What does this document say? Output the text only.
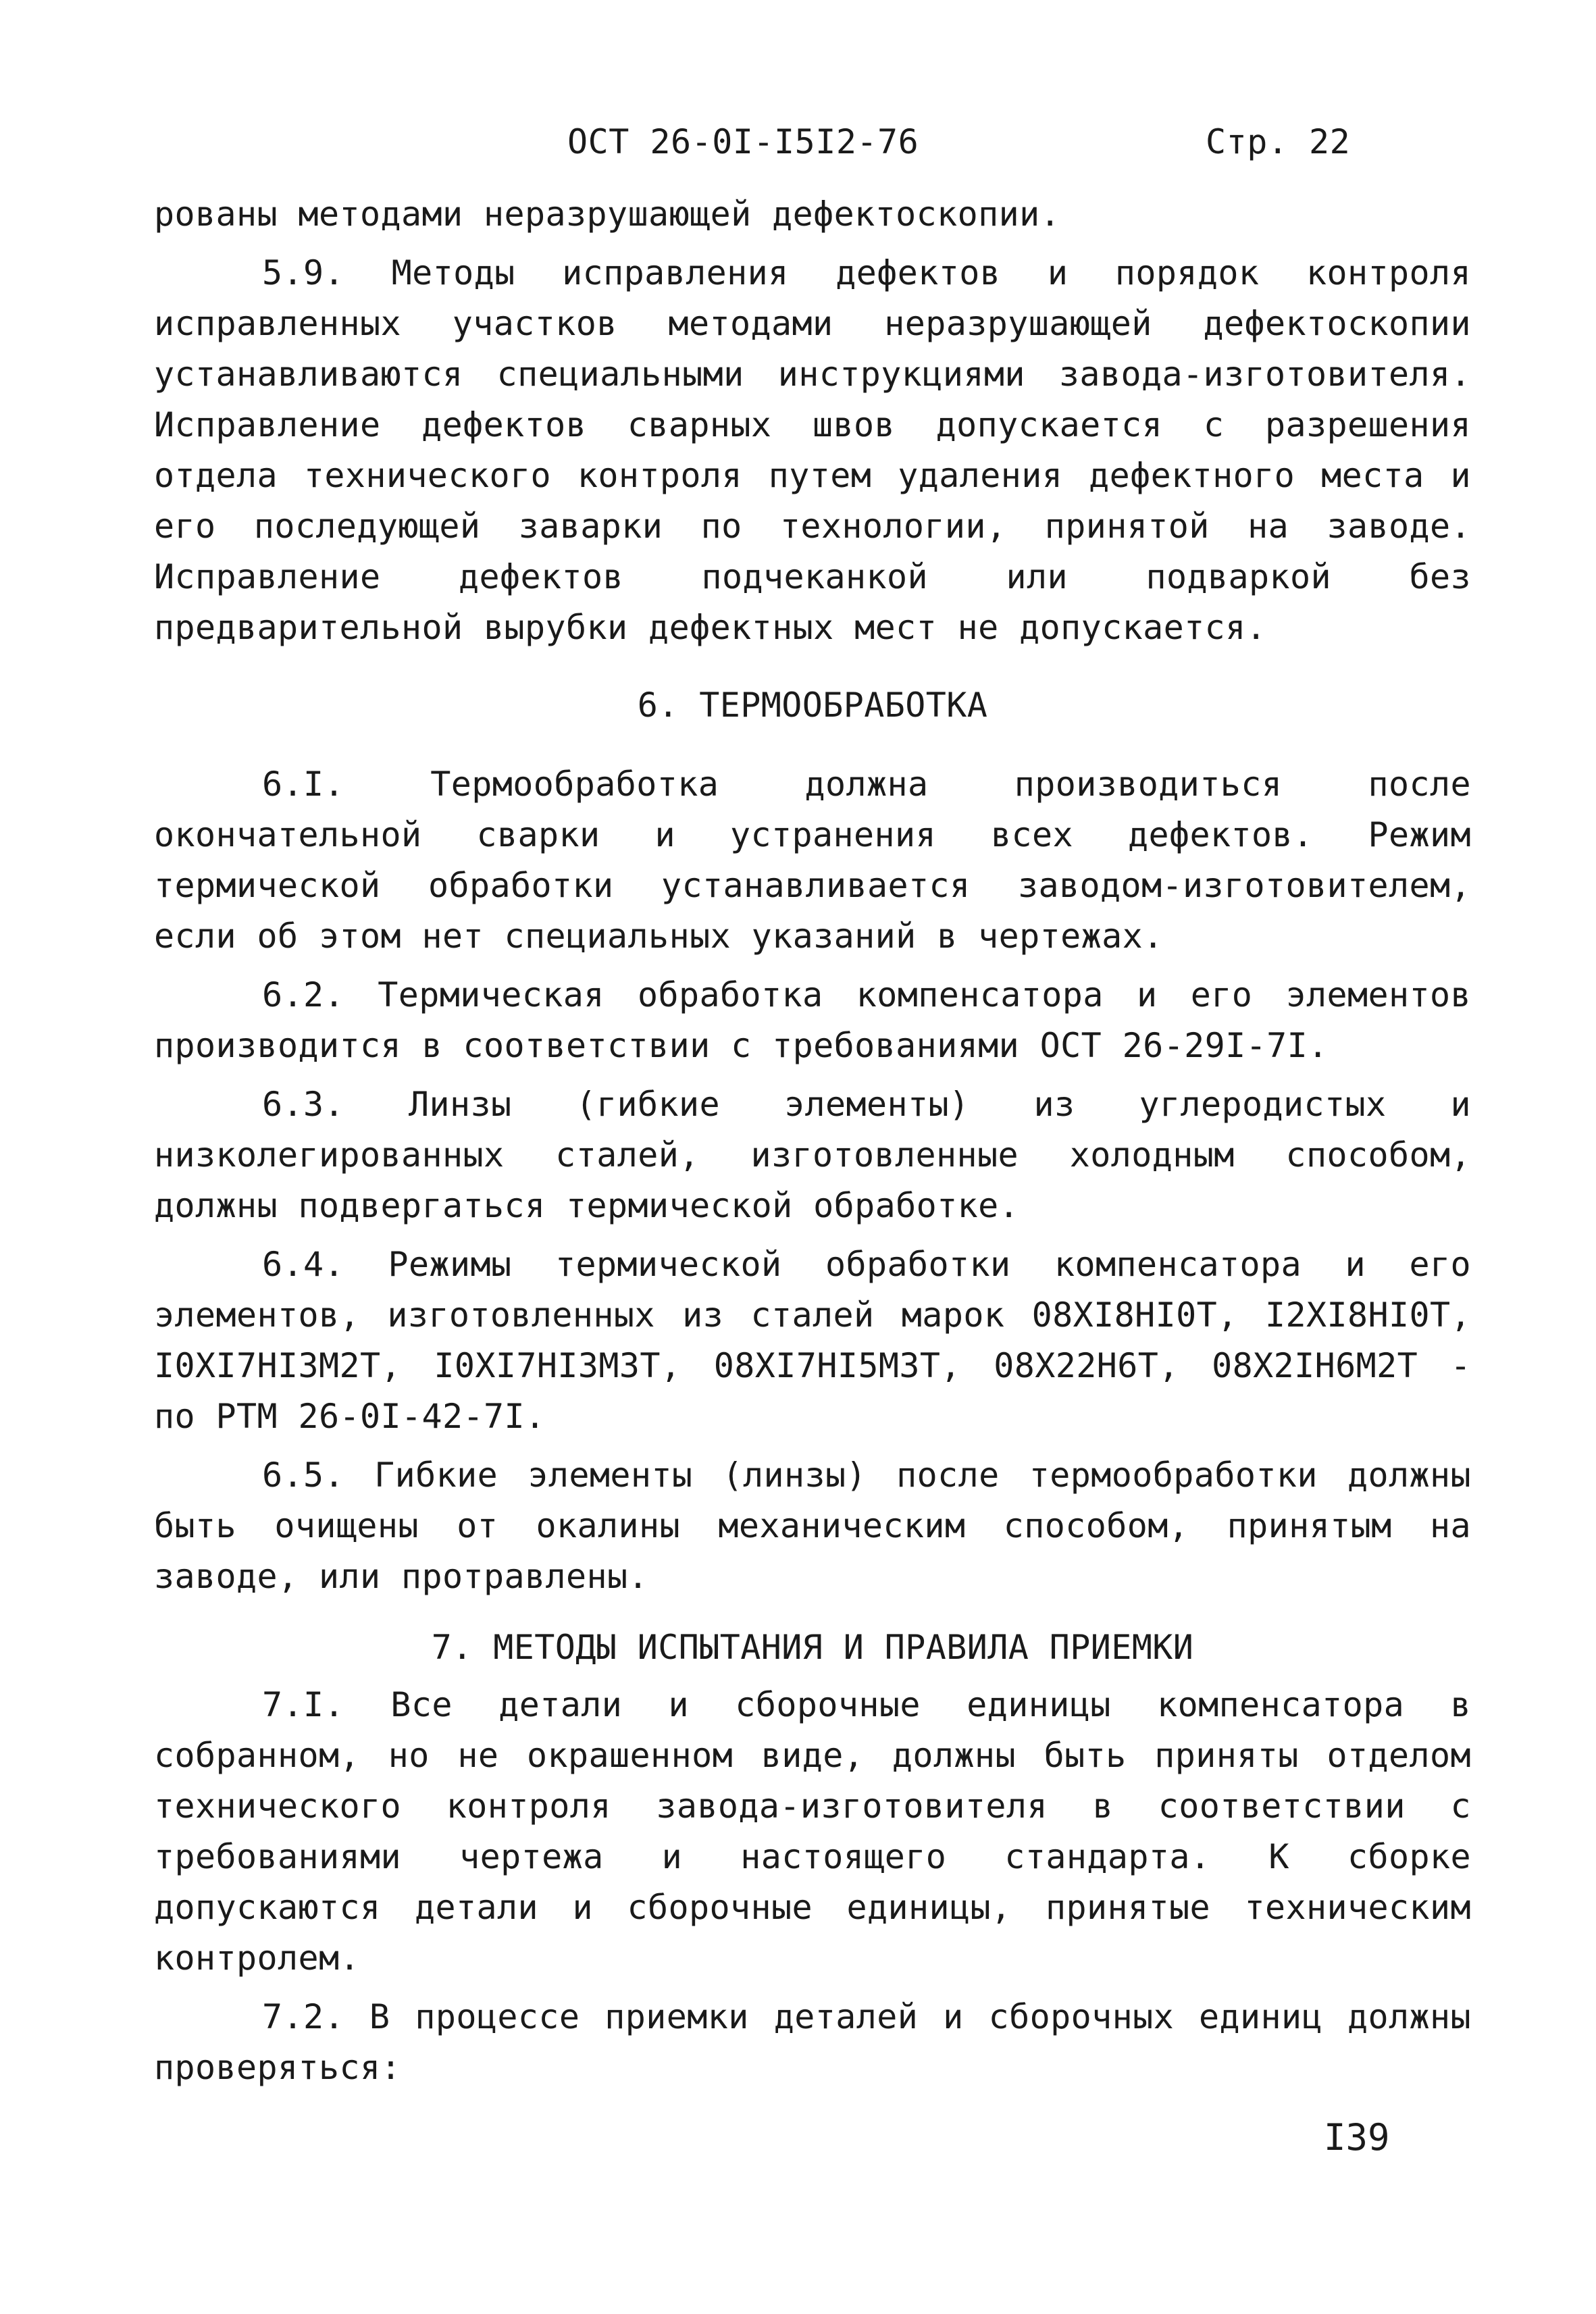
ОСТ 26-0I-I5I2-76	Стр. 22

рованы методами неразрушающей дефектоскопии.

5.9. Методы исправления дефектов и порядок контроля исправленных участков методами неразрушающей дефектоскопии устанавливаются специальными инструкциями завода-изготовителя. Исправление дефектов сварных швов допускается с разрешения отдела технического контроля путем удаления дефектного места и его последующей заварки по технологии, принятой на заводе. Исправление дефектов подчеканкой или подваркой без предварительной вырубки дефектных мест не допускается.

6. ТЕРМООБРАБОТКА

6.I. Термообработка должна производиться после окончательной сварки и устранения всех дефектов. Режим термической обработки устанавливается заводом-изготовителем, если об этом нет специальных указаний в чертежах.

6.2. Термическая обработка компенсатора и его элементов производится в соответствии с требованиями ОСТ 26-29I-7I.

6.3. Линзы (гибкие элементы) из углеродистых и низколегированных сталей, изготовленные холодным способом, должны подвергаться термической обработке.

6.4. Режимы термической обработки компенсатора и его элементов, изготовленных из сталей марок 08XI8HI0T, I2XI8HI0T, I0XI7HI3M2T, I0XI7HI3M3T, 08XI7HI5M3T, 08X22H6T, 08X2IH6M2T - по РТМ 26-0I-42-7I.

6.5. Гибкие элементы (линзы) после термообработки должны быть очищены от окалины механическим способом, принятым на заводе, или протравлены.

7. МЕТОДЫ ИСПЫТАНИЯ И ПРАВИЛА ПРИЕМКИ

7.I. Все детали и сборочные единицы компенсатора в собранном, но не окрашенном виде, должны быть приняты отделом технического контроля завода-изготовителя в соответствии с требованиями чертежа и настоящего стандарта. К сборке допускаются детали и сборочные единицы, принятые техническим контролем.

7.2. В процессе приемки деталей и сборочных единиц должны проверяться:

I39
